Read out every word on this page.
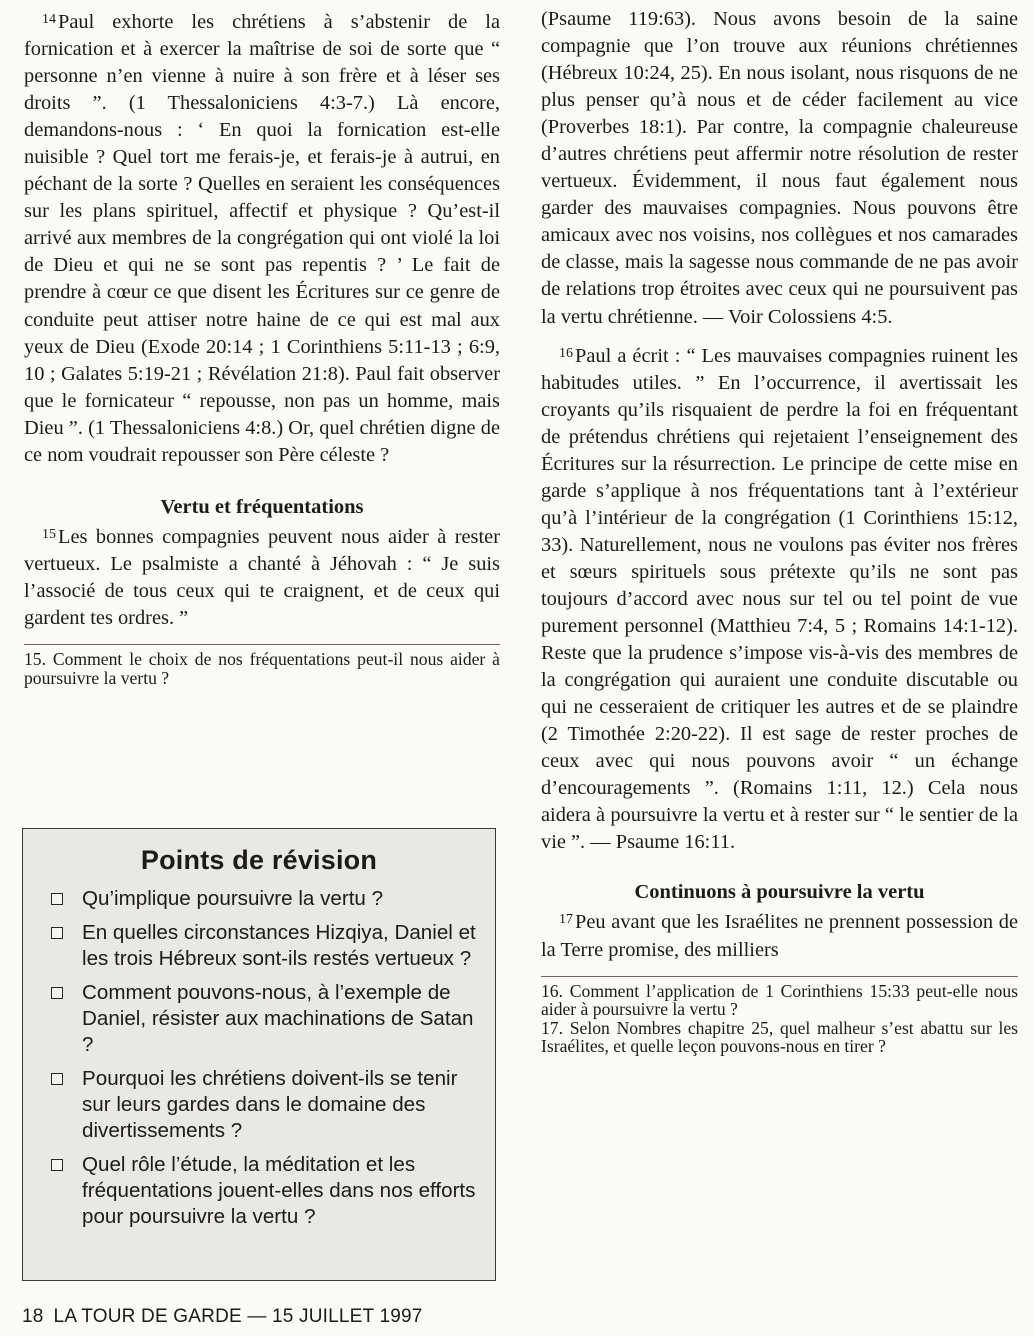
$^{14}$Paul exhorte les chrétiens à s’abstenir de la fornication et à exercer la maîtrise de soi de sorte que “ personne n’en vienne à nuire à son frère et à léser ses droits ”. (1 Thessaloniciens 4:3-7.) Là encore, demandons-nous : ‘ En quoi la fornication est-elle nuisible ? Quel tort me ferais-je, et ferais-je à autrui, en péchant de la sorte ? Quelles en seraient les conséquences sur les plans spirituel, affectif et physique ? Qu’est-il arrivé aux membres de la congrégation qui ont violé la loi de Dieu et qui ne se sont pas repentis ? ’ Le fait de prendre à cœur ce que disent les Écritures sur ce genre de conduite peut attiser notre haine de ce qui est mal aux yeux de Dieu (Exode 20:14 ; 1 Corinthiens 5:11-13 ; 6:9, 10 ; Galates 5:19-21 ; Révélation 21:8). Paul fait observer que le fornicateur “ repousse, non pas un homme, mais Dieu ”. (1 Thessaloniciens 4:8.) Or, quel chrétien digne de ce nom voudrait repousser son Père céleste ?

Vertu et fréquentations

$^{15}$Les bonnes compagnies peuvent nous aider à rester vertueux. Le psalmiste a chanté à Jéhovah : “ Je suis l’associé de tous ceux qui te craignent, et de ceux qui gardent tes ordres. ”

15. Comment le choix de nos fréquentations peut-il nous aider à poursuivre la vertu ?
Points de révision
Qu’implique poursuivre la vertu ?
En quelles circonstances Hizqiya, Daniel et les trois Hébreux sont-ils restés vertueux ?
Comment pouvons-nous, à l’exemple de Daniel, résister aux machinations de Satan ?
Pourquoi les chrétiens doivent-ils se tenir sur leurs gardes dans le domaine des divertissements ?
Quel rôle l’étude, la méditation et les fréquentations jouent-elles dans nos efforts pour poursuivre la vertu ?

(Psaume 119:63). Nous avons besoin de la saine compagnie que l’on trouve aux réunions chrétiennes (Hébreux 10:24, 25). En nous isolant, nous risquons de ne plus penser qu’à nous et de céder facilement au vice (Proverbes 18:1). Par contre, la compagnie chaleureuse d’autres chrétiens peut affermir notre résolution de rester vertueux. Évidemment, il nous faut également nous garder des mauvaises compagnies. Nous pouvons être amicaux avec nos voisins, nos collègues et nos camarades de classe, mais la sagesse nous commande de ne pas avoir de relations trop étroites avec ceux qui ne poursuivent pas la vertu chrétienne. — Voir Colossiens 4:5.

$^{16}$Paul a écrit : “ Les mauvaises compagnies ruinent les habitudes utiles. ” En l’occurrence, il avertissait les croyants qu’ils risquaient de perdre la foi en fréquentant de prétendus chrétiens qui rejetaient l’enseignement des Écritures sur la résurrection. Le principe de cette mise en garde s’applique à nos fréquentations tant à l’extérieur qu’à l’intérieur de la congrégation (1 Corinthiens 15:12, 33). Naturellement, nous ne voulons pas éviter nos frères et sœurs spirituels sous prétexte qu’ils ne sont pas toujours d’accord avec nous sur tel ou tel point de vue purement personnel (Matthieu 7:4, 5 ; Romains 14:1-12). Reste que la prudence s’impose vis-à-vis des membres de la congrégation qui auraient une conduite discutable ou qui ne cesseraient de critiquer les autres et de se plaindre (2 Timothée 2:20-22). Il est sage de rester proches de ceux avec qui nous pouvons avoir “ un échange d’encouragements ”. (Romains 1:11, 12.) Cela nous aidera à poursuivre la vertu et à rester sur “ le sentier de la vie ”. — Psaume 16:11.

Continuons à poursuivre la vertu

$^{17}$Peu avant que les Israélites ne prennent possession de la Terre promise, des milliers

16. Comment l’application de 1 Corinthiens 15:33 peut-elle nous aider à poursuivre la vertu ?

17. Selon Nombres chapitre 25, quel malheur s’est abattu sur les Israélites, et quelle leçon pouvons-nous en tirer ?

18 LA TOUR DE GARDE — 15 JUILLET 1997
